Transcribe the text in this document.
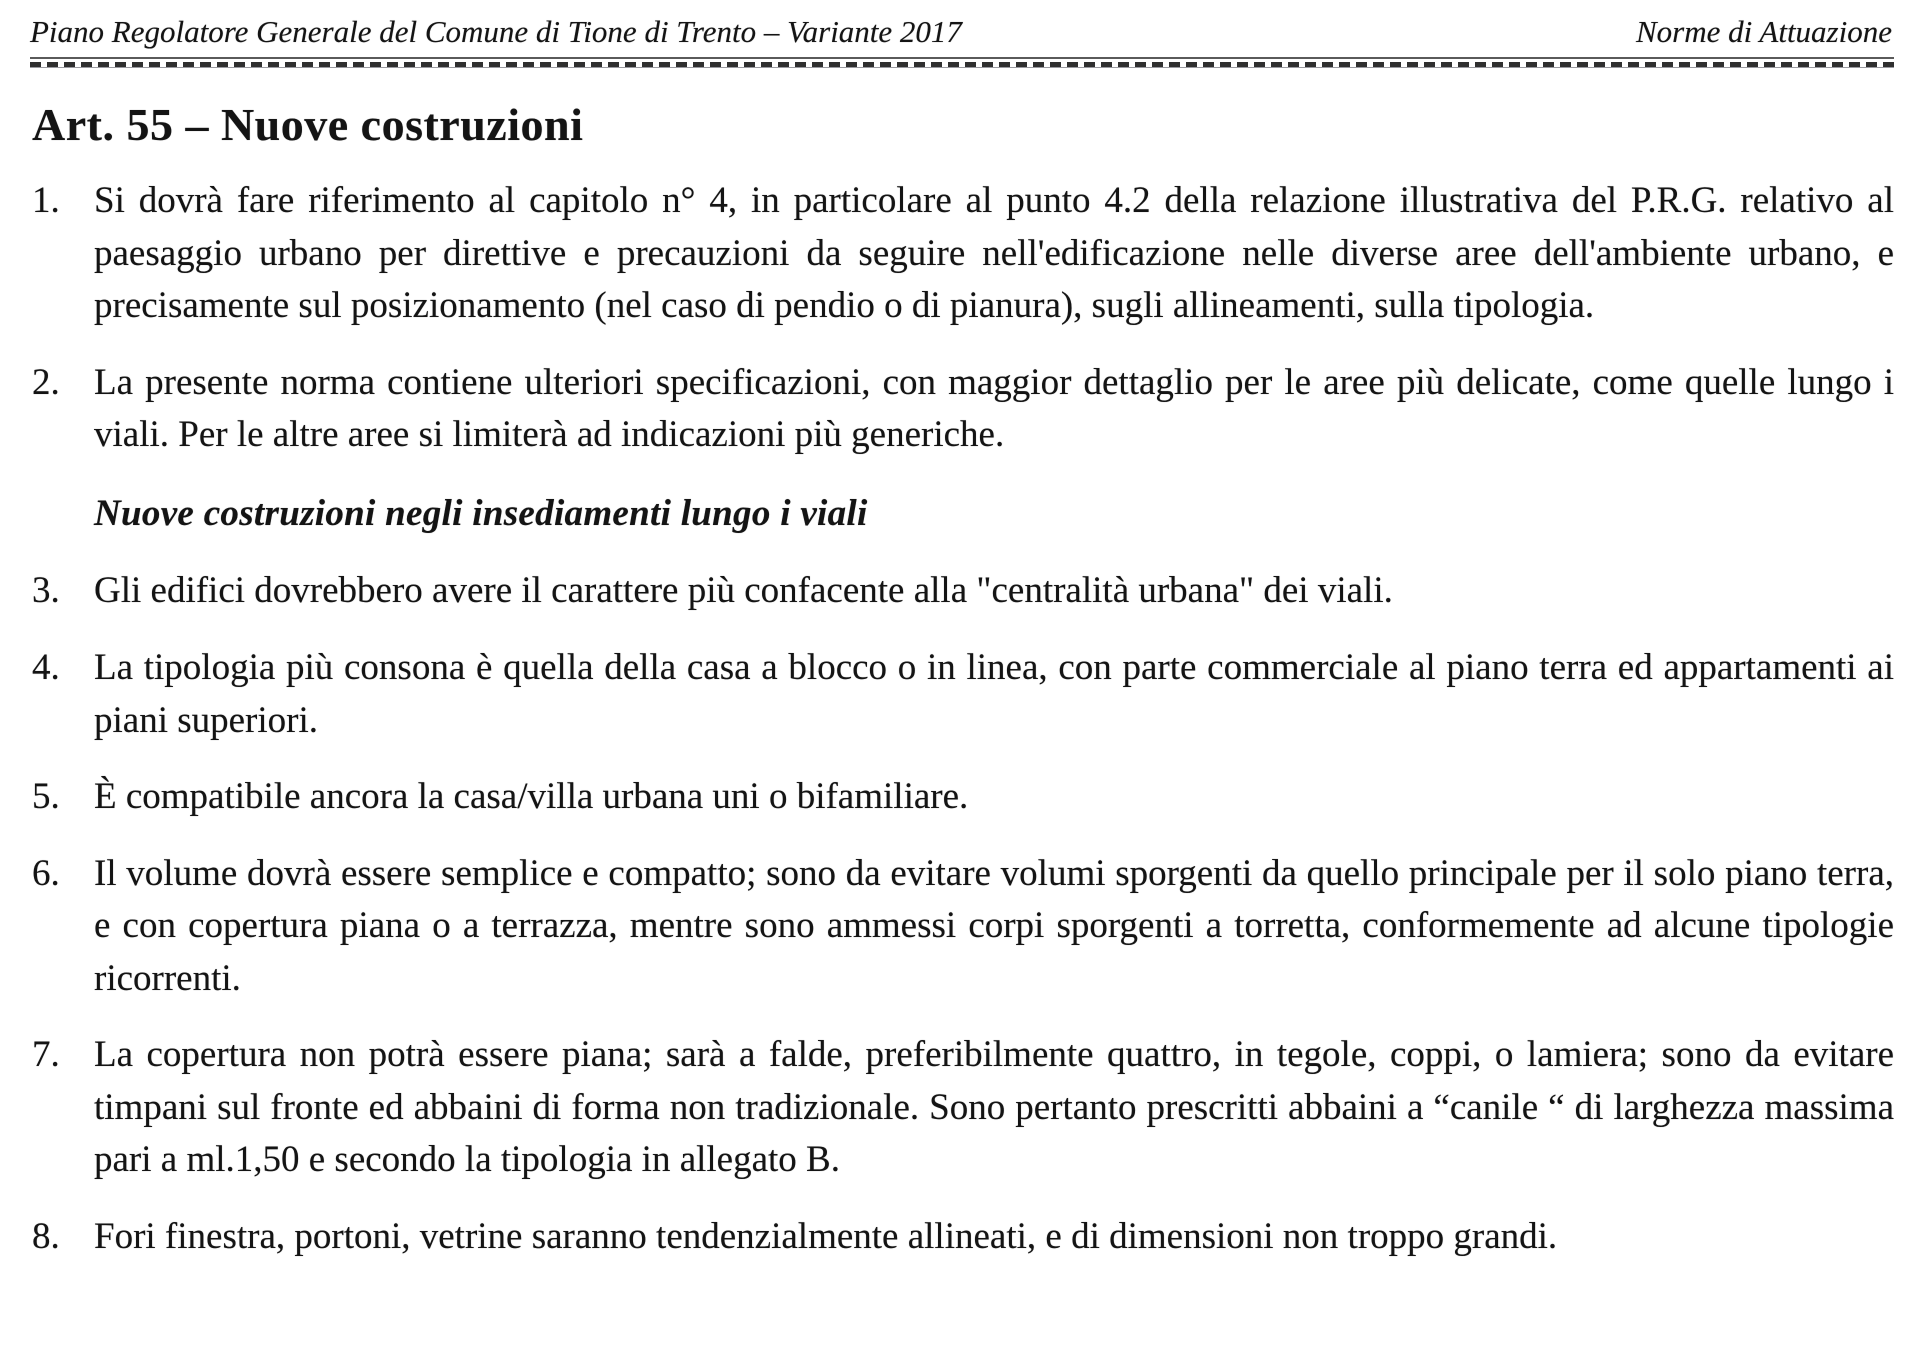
Piano Regolatore Generale del Comune di Tione di Trento – Variante 2017	Norme di Attuazione
Art. 55 – Nuove costruzioni
1. Si dovrà fare riferimento al capitolo n° 4, in particolare al punto 4.2 della relazione illustrativa del P.R.G. relativo al paesaggio urbano per direttive e precauzioni da seguire nell'edificazione nelle diverse aree dell'ambiente urbano, e precisamente sul posizionamento (nel caso di pendio o di pianura), sugli allineamenti, sulla tipologia.
2. La presente norma contiene ulteriori specificazioni, con maggior dettaglio per le aree più delicate, come quelle lungo i viali. Per le altre aree si limiterà ad indicazioni più generiche.
Nuove costruzioni negli insediamenti lungo i viali
3. Gli edifici dovrebbero avere il carattere più confacente alla "centralità urbana" dei viali.
4. La tipologia più consona è quella della casa a blocco o in linea, con parte commerciale al piano terra ed appartamenti ai piani superiori.
5. È compatibile ancora la casa/villa urbana uni o bifamiliare.
6. Il volume dovrà essere semplice e compatto; sono da evitare volumi sporgenti da quello principale per il solo piano terra, e con copertura piana o a terrazza, mentre sono ammessi corpi sporgenti a torretta, conformemente ad alcune tipologie ricorrenti.
7. La copertura non potrà essere piana; sarà a falde, preferibilmente quattro, in tegole, coppi, o lamiera; sono da evitare timpani sul fronte ed abbaini di forma non tradizionale. Sono pertanto prescritti abbaini a “canile “ di larghezza massima pari a ml.1,50 e secondo la tipologia in allegato B.
8. Fori finestra, portoni, vetrine saranno tendenzialmente allineati, e di dimensioni non troppo grandi.
